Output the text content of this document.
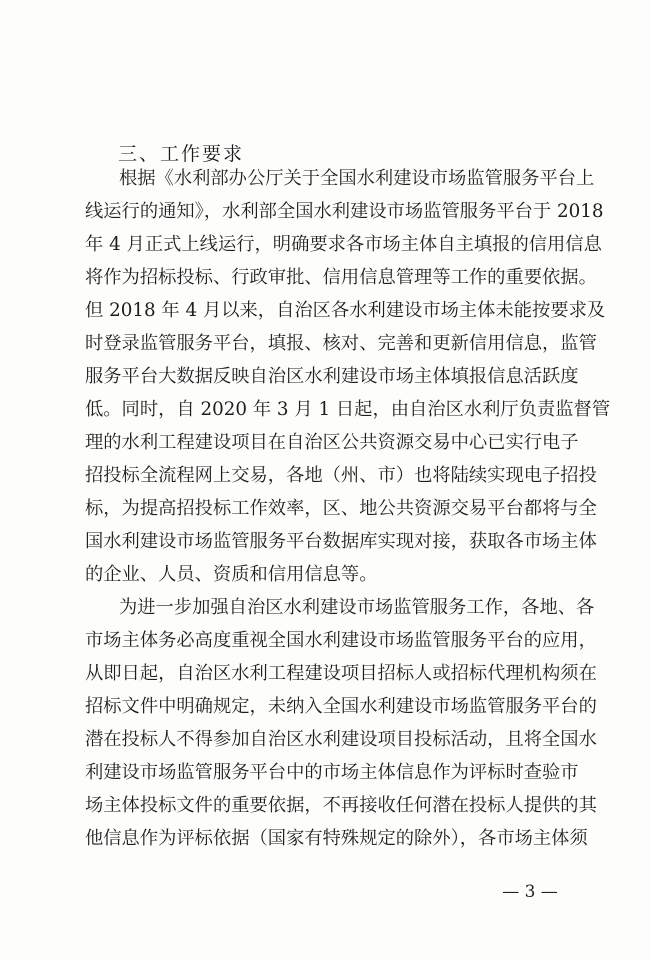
三、工作要求
根据《水利部办公厅关于全国水利建设市场监管服务平台上
线运行的通知》，水利部全国水利建设市场监管服务平台于 2018
年 4 月正式上线运行，明确要求各市场主体自主填报的信用信息
将作为招标投标、行政审批、信用信息管理等工作的重要依据。
但 2018 年 4 月以来，自治区各水利建设市场主体未能按要求及
时登录监管服务平台，填报、核对、完善和更新信用信息，监管
服务平台大数据反映自治区水利建设市场主体填报信息活跃度
低。同时，自 2020 年 3 月 1 日起，由自治区水利厅负责监督管
理的水利工程建设项目在自治区公共资源交易中心已实行电子
招投标全流程网上交易，各地（州、市）也将陆续实现电子招投
标，为提高招投标工作效率，区、地公共资源交易平台都将与全
国水利建设市场监管服务平台数据库实现对接，获取各市场主体
的企业、人员、资质和信用信息等。
为进一步加强自治区水利建设市场监管服务工作，各地、各
市场主体务必高度重视全国水利建设市场监管服务平台的应用，
从即日起，自治区水利工程建设项目招标人或招标代理机构须在
招标文件中明确规定，未纳入全国水利建设市场监管服务平台的
潜在投标人不得参加自治区水利建设项目投标活动，且将全国水
利建设市场监管服务平台中的市场主体信息作为评标时查验市
场主体投标文件的重要依据，不再接收任何潜在投标人提供的其
他信息作为评标依据（国家有特殊规定的除外），各市场主体须
— 3 —
